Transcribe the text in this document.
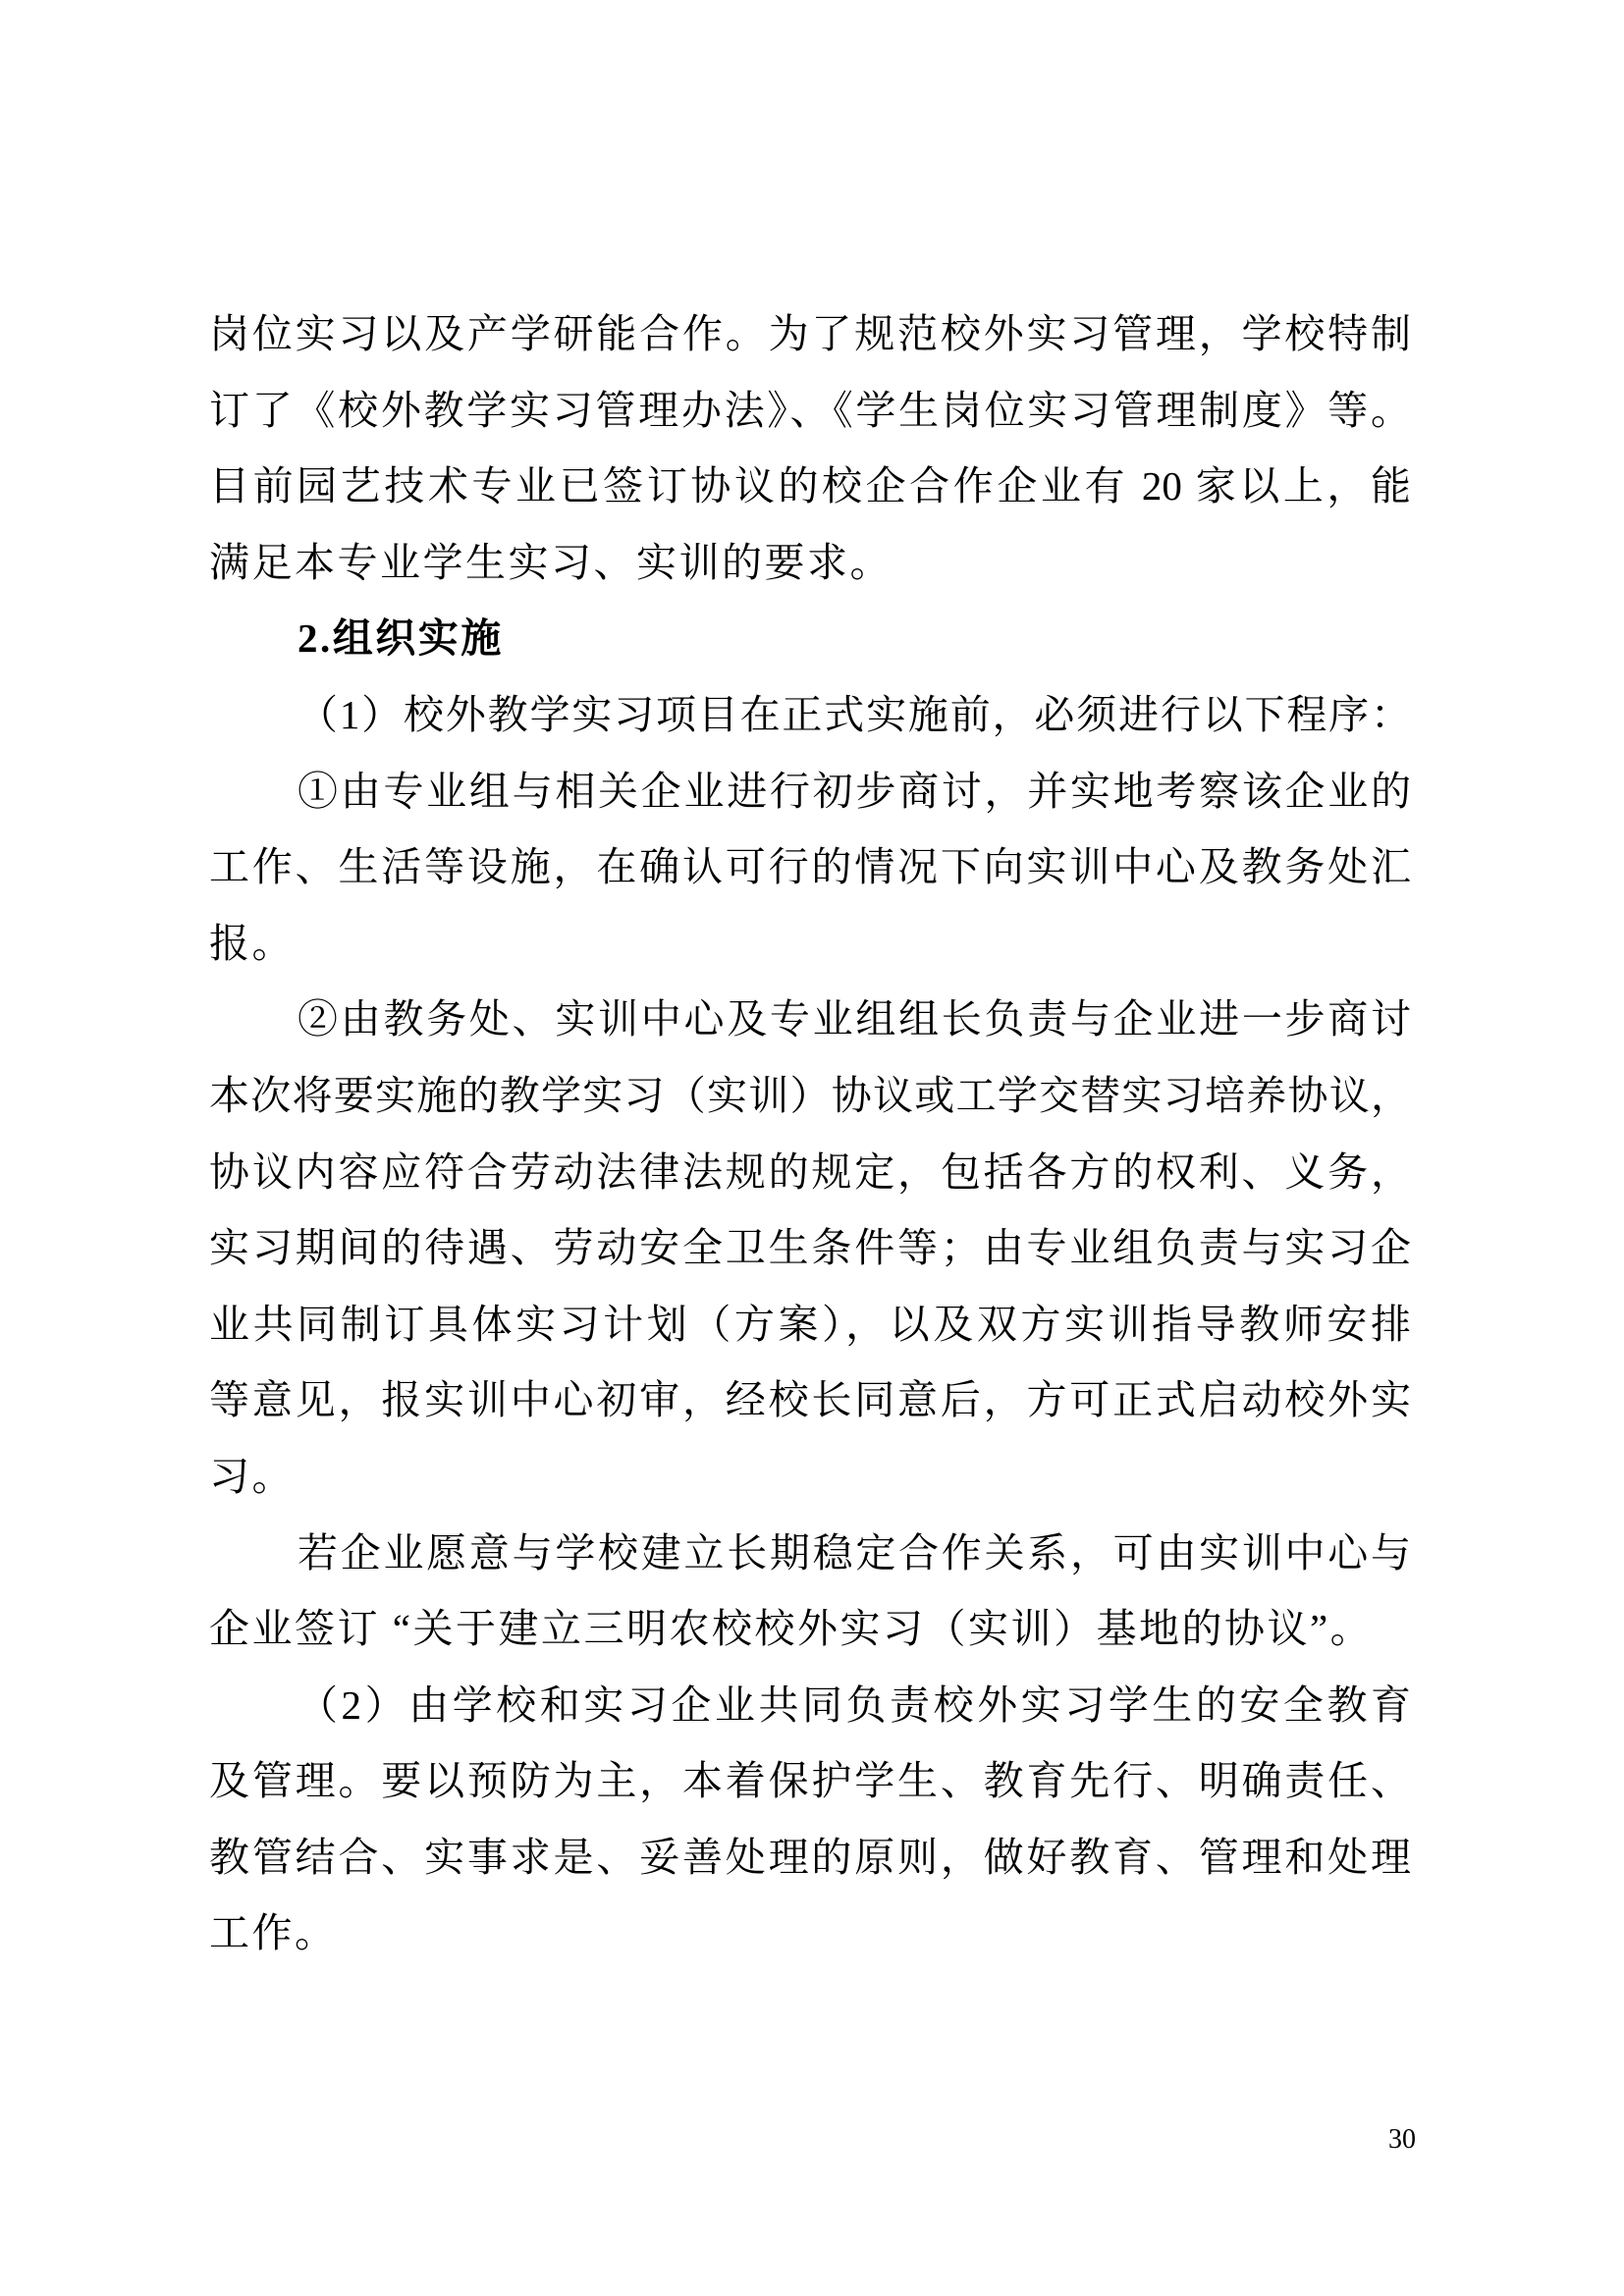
岗位实习以及产学研能合作。为了规范校外实习管理，学校特制
订了《校外教学实习管理办法》、《学生岗位实习管理制度》等。
目前园艺技术专业已签订协议的校企合作企业有 20 家以上，能
满足本专业学生实习、实训的要求。
2.组织实施
（1）校外教学实习项目在正式实施前，必须进行以下程序：
①由专业组与相关企业进行初步商讨，并实地考察该企业的
工作、生活等设施，在确认可行的情况下向实训中心及教务处汇
报。
②由教务处、实训中心及专业组组长负责与企业进一步商讨
本次将要实施的教学实习（实训）协议或工学交替实习培养协议，
协议内容应符合劳动法律法规的规定，包括各方的权利、义务，
实习期间的待遇、劳动安全卫生条件等；由专业组负责与实习企
业共同制订具体实习计划（方案），以及双方实训指导教师安排
等意见，报实训中心初审，经校长同意后，方可正式启动校外实
习。
若企业愿意与学校建立长期稳定合作关系，可由实训中心与
企业签订 “关于建立三明农校校外实习（实训）基地的协议”。
（2）由学校和实习企业共同负责校外实习学生的安全教育
及管理。要以预防为主，本着保护学生、教育先行、明确责任、
教管结合、实事求是、妥善处理的原则，做好教育、管理和处理
工作。
30
